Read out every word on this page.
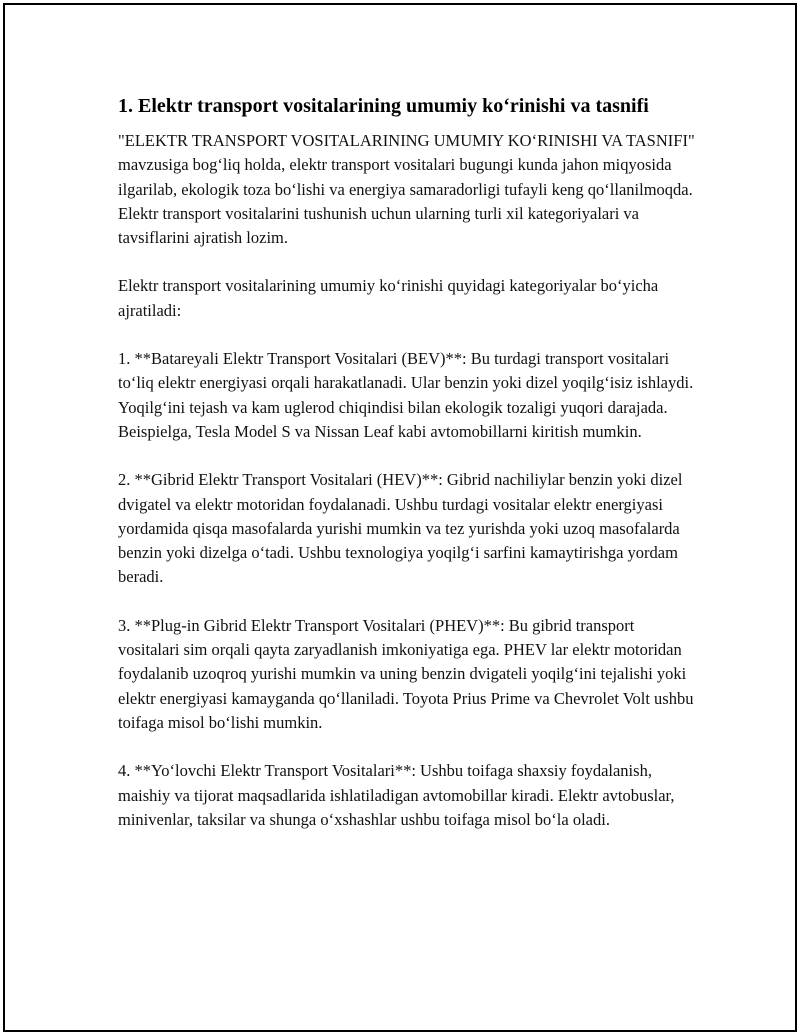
1. Elektr transport vositalarining umumiy ko‘rinishi va tasnifi

"ELEKTR TRANSPORT VOSITALARINING UMUMIY KO‘RINISHI VA TASNIFI" mavzusiga bog‘liq holda, elektr transport vositalari bugungi kunda jahon miqyosida ilgarilab, ekologik toza bo‘lishi va energiya samaradorligi tufayli keng qo‘llanilmoqda. Elektr transport vositalarini tushunish uchun ularning turli xil kategoriyalari va tavsiflarini ajratish lozim.

Elektr transport vositalarining umumiy ko‘rinishi quyidagi kategoriyalar bo‘yicha ajratiladi:

1. **Batareyali Elektr Transport Vositalari (BEV)**: Bu turdagi transport vositalari to‘liq elektr energiyasi orqali harakatlanadi. Ular benzin yoki dizel yoqilg‘isiz ishlaydi. Yoqilg‘ini tejash va kam uglerod chiqindisi bilan ekologik tozaligi yuqori darajada. Beispielga, Tesla Model S va Nissan Leaf kabi avtomobillarni kiritish mumkin.

2. **Gibrid Elektr Transport Vositalari (HEV)**: Gibrid nachiliylar benzin yoki dizel dvigatel va elektr motoridan foydalanadi. Ushbu turdagi vositalar elektr energiyasi yordamida qisqa masofalarda yurishi mumkin va tez yurishda yoki uzoq masofalarda benzin yoki dizelga o‘tadi. Ushbu texnologiya yoqilg‘i sarfini kamaytirishga yordam beradi.

3. **Plug-in Gibrid Elektr Transport Vositalari (PHEV)**: Bu gibrid transport vositalari sim orqali qayta zaryadlanish imkoniyatiga ega. PHEV lar elektr motoridan foydalanib uzoqroq yurishi mumkin va uning benzin dvigateli yoqilg‘ini tejalishi yoki elektr energiyasi kamayganda qo‘llaniladi. Toyota Prius Prime va Chevrolet Volt ushbu toifaga misol bo‘lishi mumkin.

4. **Yo‘lovchi Elektr Transport Vositalari**: Ushbu toifaga shaxsiy foydalanish, maishiy va tijorat maqsadlarida ishlatiladigan avtomobillar kiradi. Elektr avtobuslar, minivenlar, taksilar va shunga o‘xshashlar ushbu toifaga misol bo‘la oladi.
